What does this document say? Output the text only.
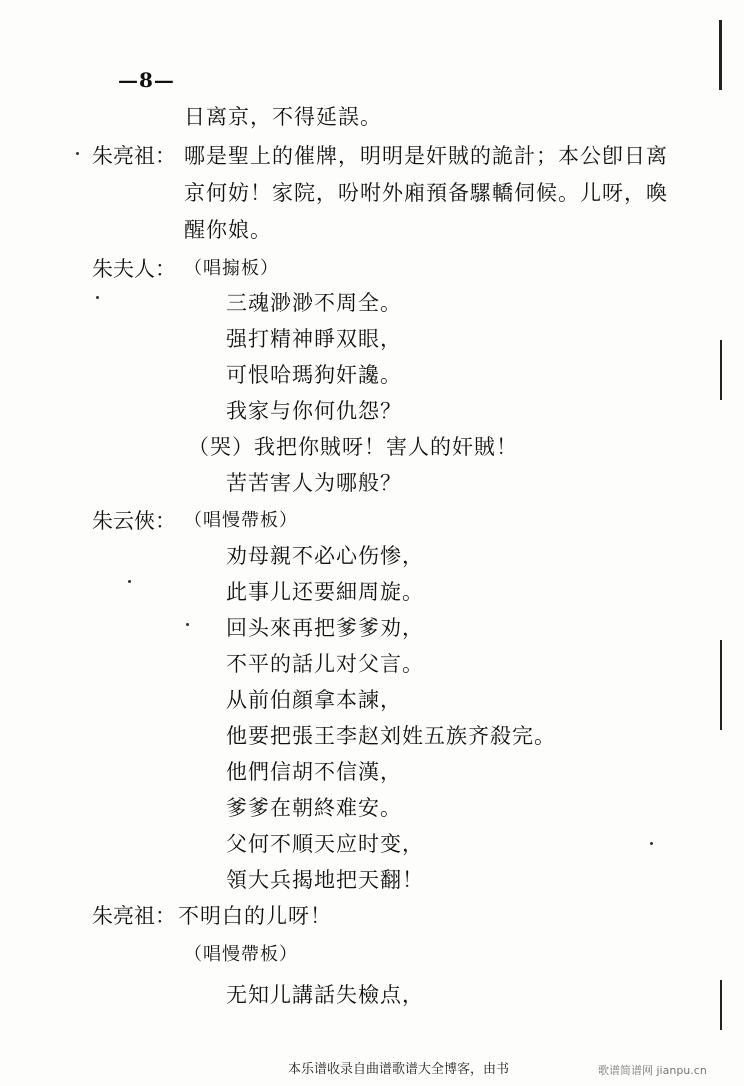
—8—
日离京，不得延誤。
朱亮祖： 哪是聖上的催牌，明明是奸賊的詭計；本公卽日离
京何妨！家院，吩咐外廂預备騾轎伺候。儿呀，喚
醒你娘。
朱夫人： （唱搧板）
三魂渺渺不周全。
强打精神睜双眼，
可恨哈瑪狗奸讒。
我家与你何仇怨？
（哭）我把你賊呀！害人的奸賊！
苦苦害人为哪般？
朱云俠： （唱慢帶板）
劝母親不必心伤惨，
此事儿还要細周旋。
回头來再把爹爹劝，
不平的話儿对父言。
从前伯顔拿本諫，
他要把張王李赵刘姓五族齐殺完。
他們信胡不信漢，
爹爹在朝終难安。
父何不順天应时变，
領大兵揭地把天翻！
朱亮祖： 不明白的儿呀！
（唱慢帶板）
无知儿講話失檢点，
本乐谱收录自曲谱歌谱大全博客，由书	歌谱简谱网 jianpu.cn
